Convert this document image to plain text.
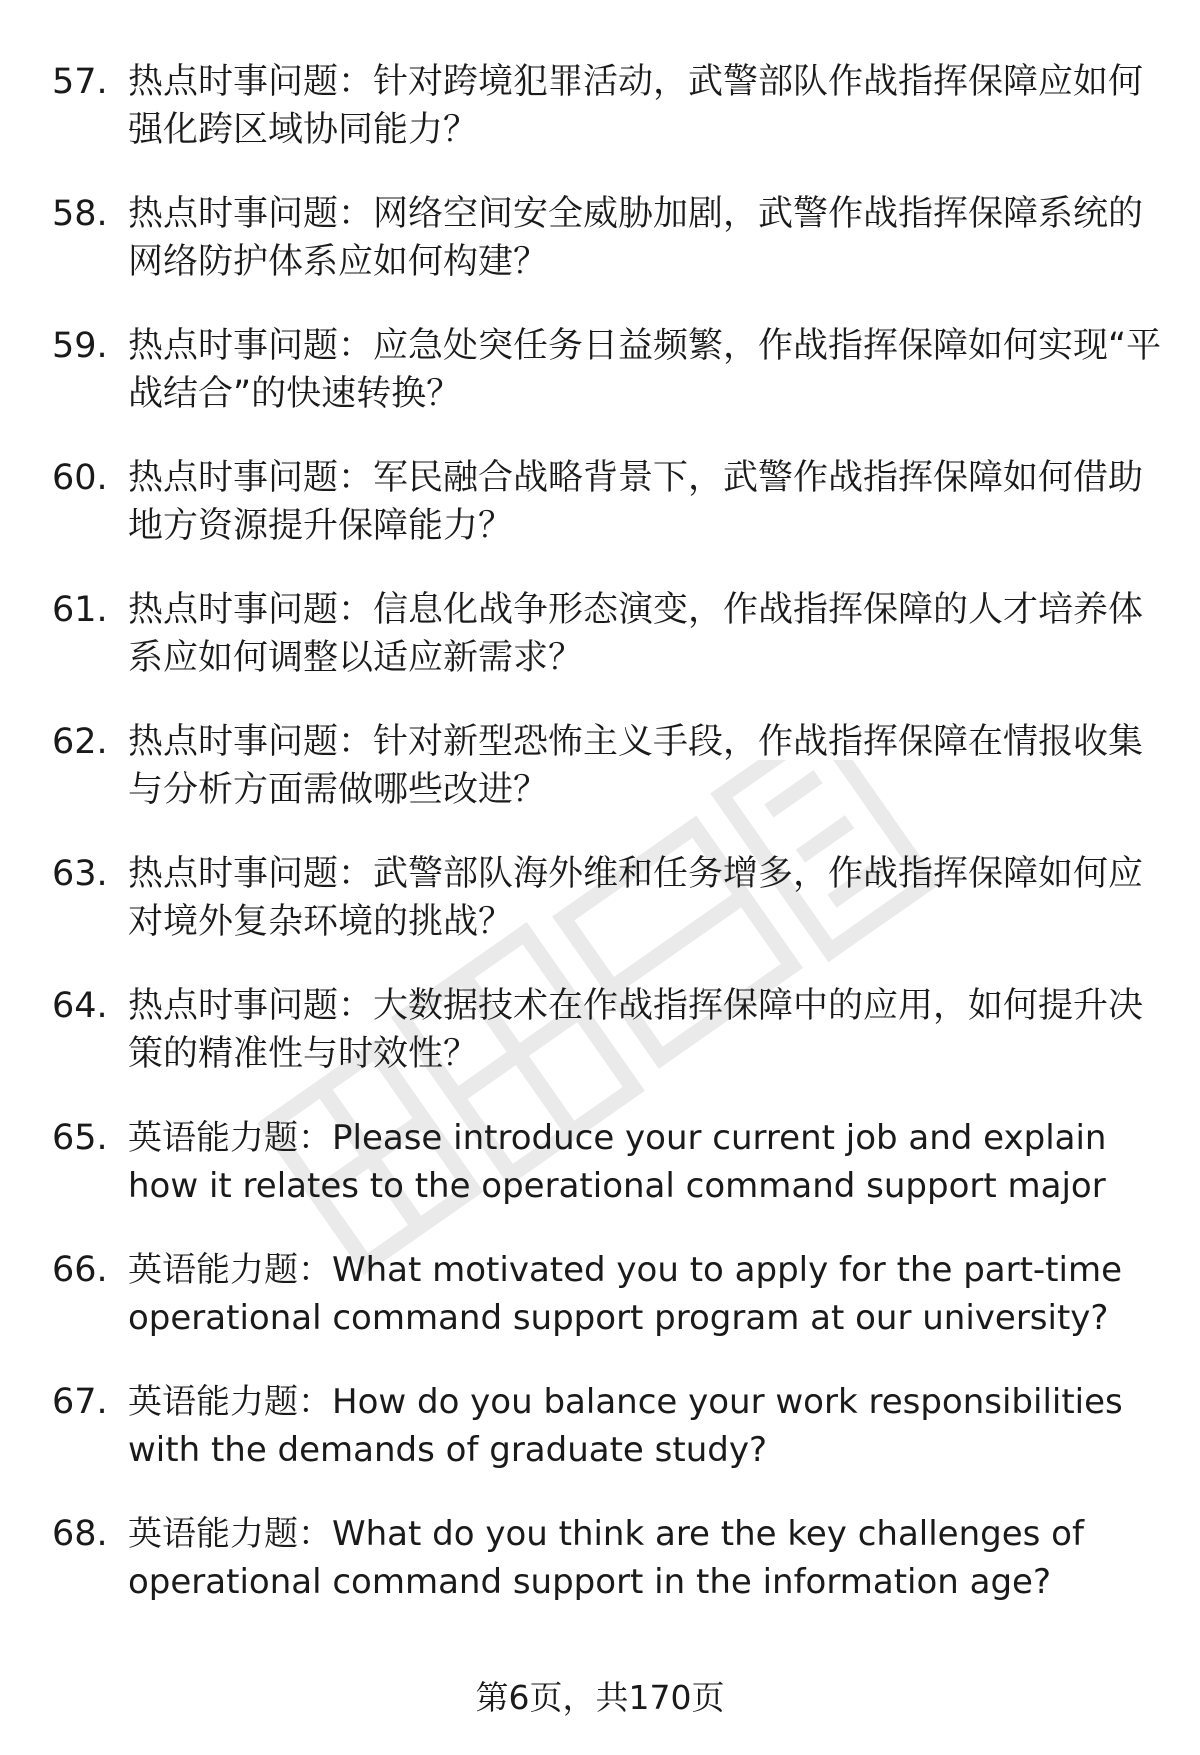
57. 热点时事问题：针对跨境犯罪活动，武警部队作战指挥保障应如何强化跨区域协同能力？
58. 热点时事问题：网络空间安全威胁加剧，武警作战指挥保障系统的网络防护体系应如何构建？
59. 热点时事问题：应急处突任务日益频繁，作战指挥保障如何实现“平战结合”的快速转换？
60. 热点时事问题：军民融合战略背景下，武警作战指挥保障如何借助地方资源提升保障能力？
61. 热点时事问题：信息化战争形态演变，作战指挥保障的人才培养体系应如何调整以适应新需求？
62. 热点时事问题：针对新型恐怖主义手段，作战指挥保障在情报收集与分析方面需做哪些改进？
63. 热点时事问题：武警部队海外维和任务增多，作战指挥保障如何应对境外复杂环境的挑战？
64. 热点时事问题：大数据技术在作战指挥保障中的应用，如何提升决策的精准性与时效性？
65. 英语能力题：Please introduce your current job and explain how it relates to the operational command support major
66. 英语能力题：What motivated you to apply for the part-time operational command support program at our university?
67. 英语能力题：How do you balance your work responsibilities with the demands of graduate study?
68. 英语能力题：What do you think are the key challenges of operational command support in the information age?
第6页，共170页
